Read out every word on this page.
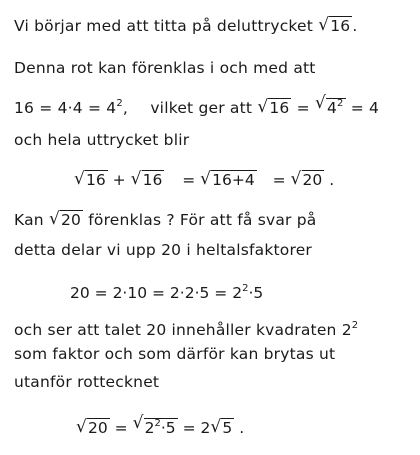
Vi börjar med att titta på deluttrycket √ 16 .
Denna rot kan förenklas i och med att
$16 = 4\cdot 4 = 4^2$, vilket ger att √ 16 = √ $4^2 = 4$
och hela uttrycket blir
√ 16 + √ 16 = √ 16+4 = √ 20 .
Kan √ 20 förenklas ? För att få svar på
detta delar vi upp 20 i heltalsfaktorer
$20 = 2\cdot 10 = 2\cdot 2\cdot 5 = 2^2\cdot 5$
och ser att talet 20 innehåller kvadraten $2^2$
som faktor och som därför kan brytas ut
utanför rottecknet
√ 20 = √ $2^2\cdot 5 = 2$ √ 5 .
